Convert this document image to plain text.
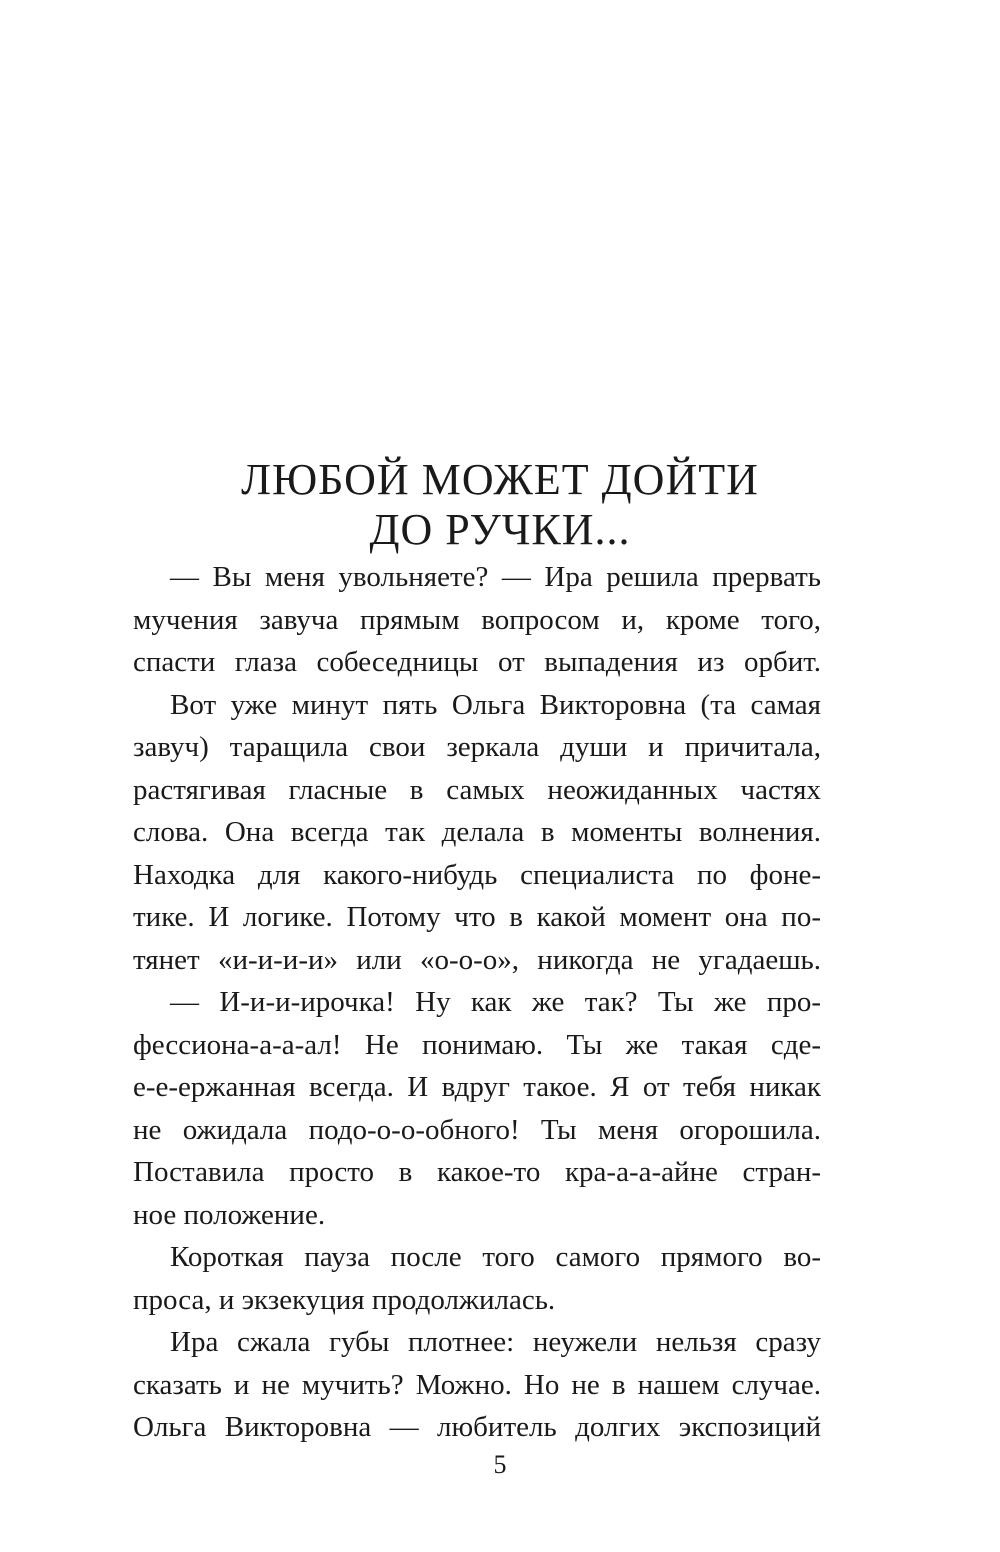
ЛЮБОЙ МОЖЕТ ДОЙТИ
ДО РУЧКИ...
— Вы меня увольняете? — Ира решила прервать
мучения завуча прямым вопросом и, кроме того,
спасти глаза собеседницы от выпадения из орбит.
Вот уже минут пять Ольга Викторовна (та самая
завуч) таращила свои зеркала души и причитала,
растягивая гласные в самых неожиданных частях
слова. Она всегда так делала в моменты волнения.
Находка для какого-нибудь специалиста по фоне-
тике. И логике. Потому что в какой момент она по-
тянет «и-и-и-и» или «о-о-о», никогда не угадаешь.
— И-и-и-ирочка! Ну как же так? Ты же про-
фессиона-а-а-ал! Не понимаю. Ты же такая сде-
е-е-ержанная всегда. И вдруг такое. Я от тебя никак
не ожидала подо-о-о-обного! Ты меня огорошила.
Поставила просто в какое-то кра-а-а-айне стран-
ное положение.
Короткая пауза после того самого прямого во-
проса, и экзекуция продолжилась.
Ира сжала губы плотнее: неужели нельзя сразу
сказать и не мучить? Можно. Но не в нашем случае.
Ольга Викторовна — любитель долгих экспозиций
5
